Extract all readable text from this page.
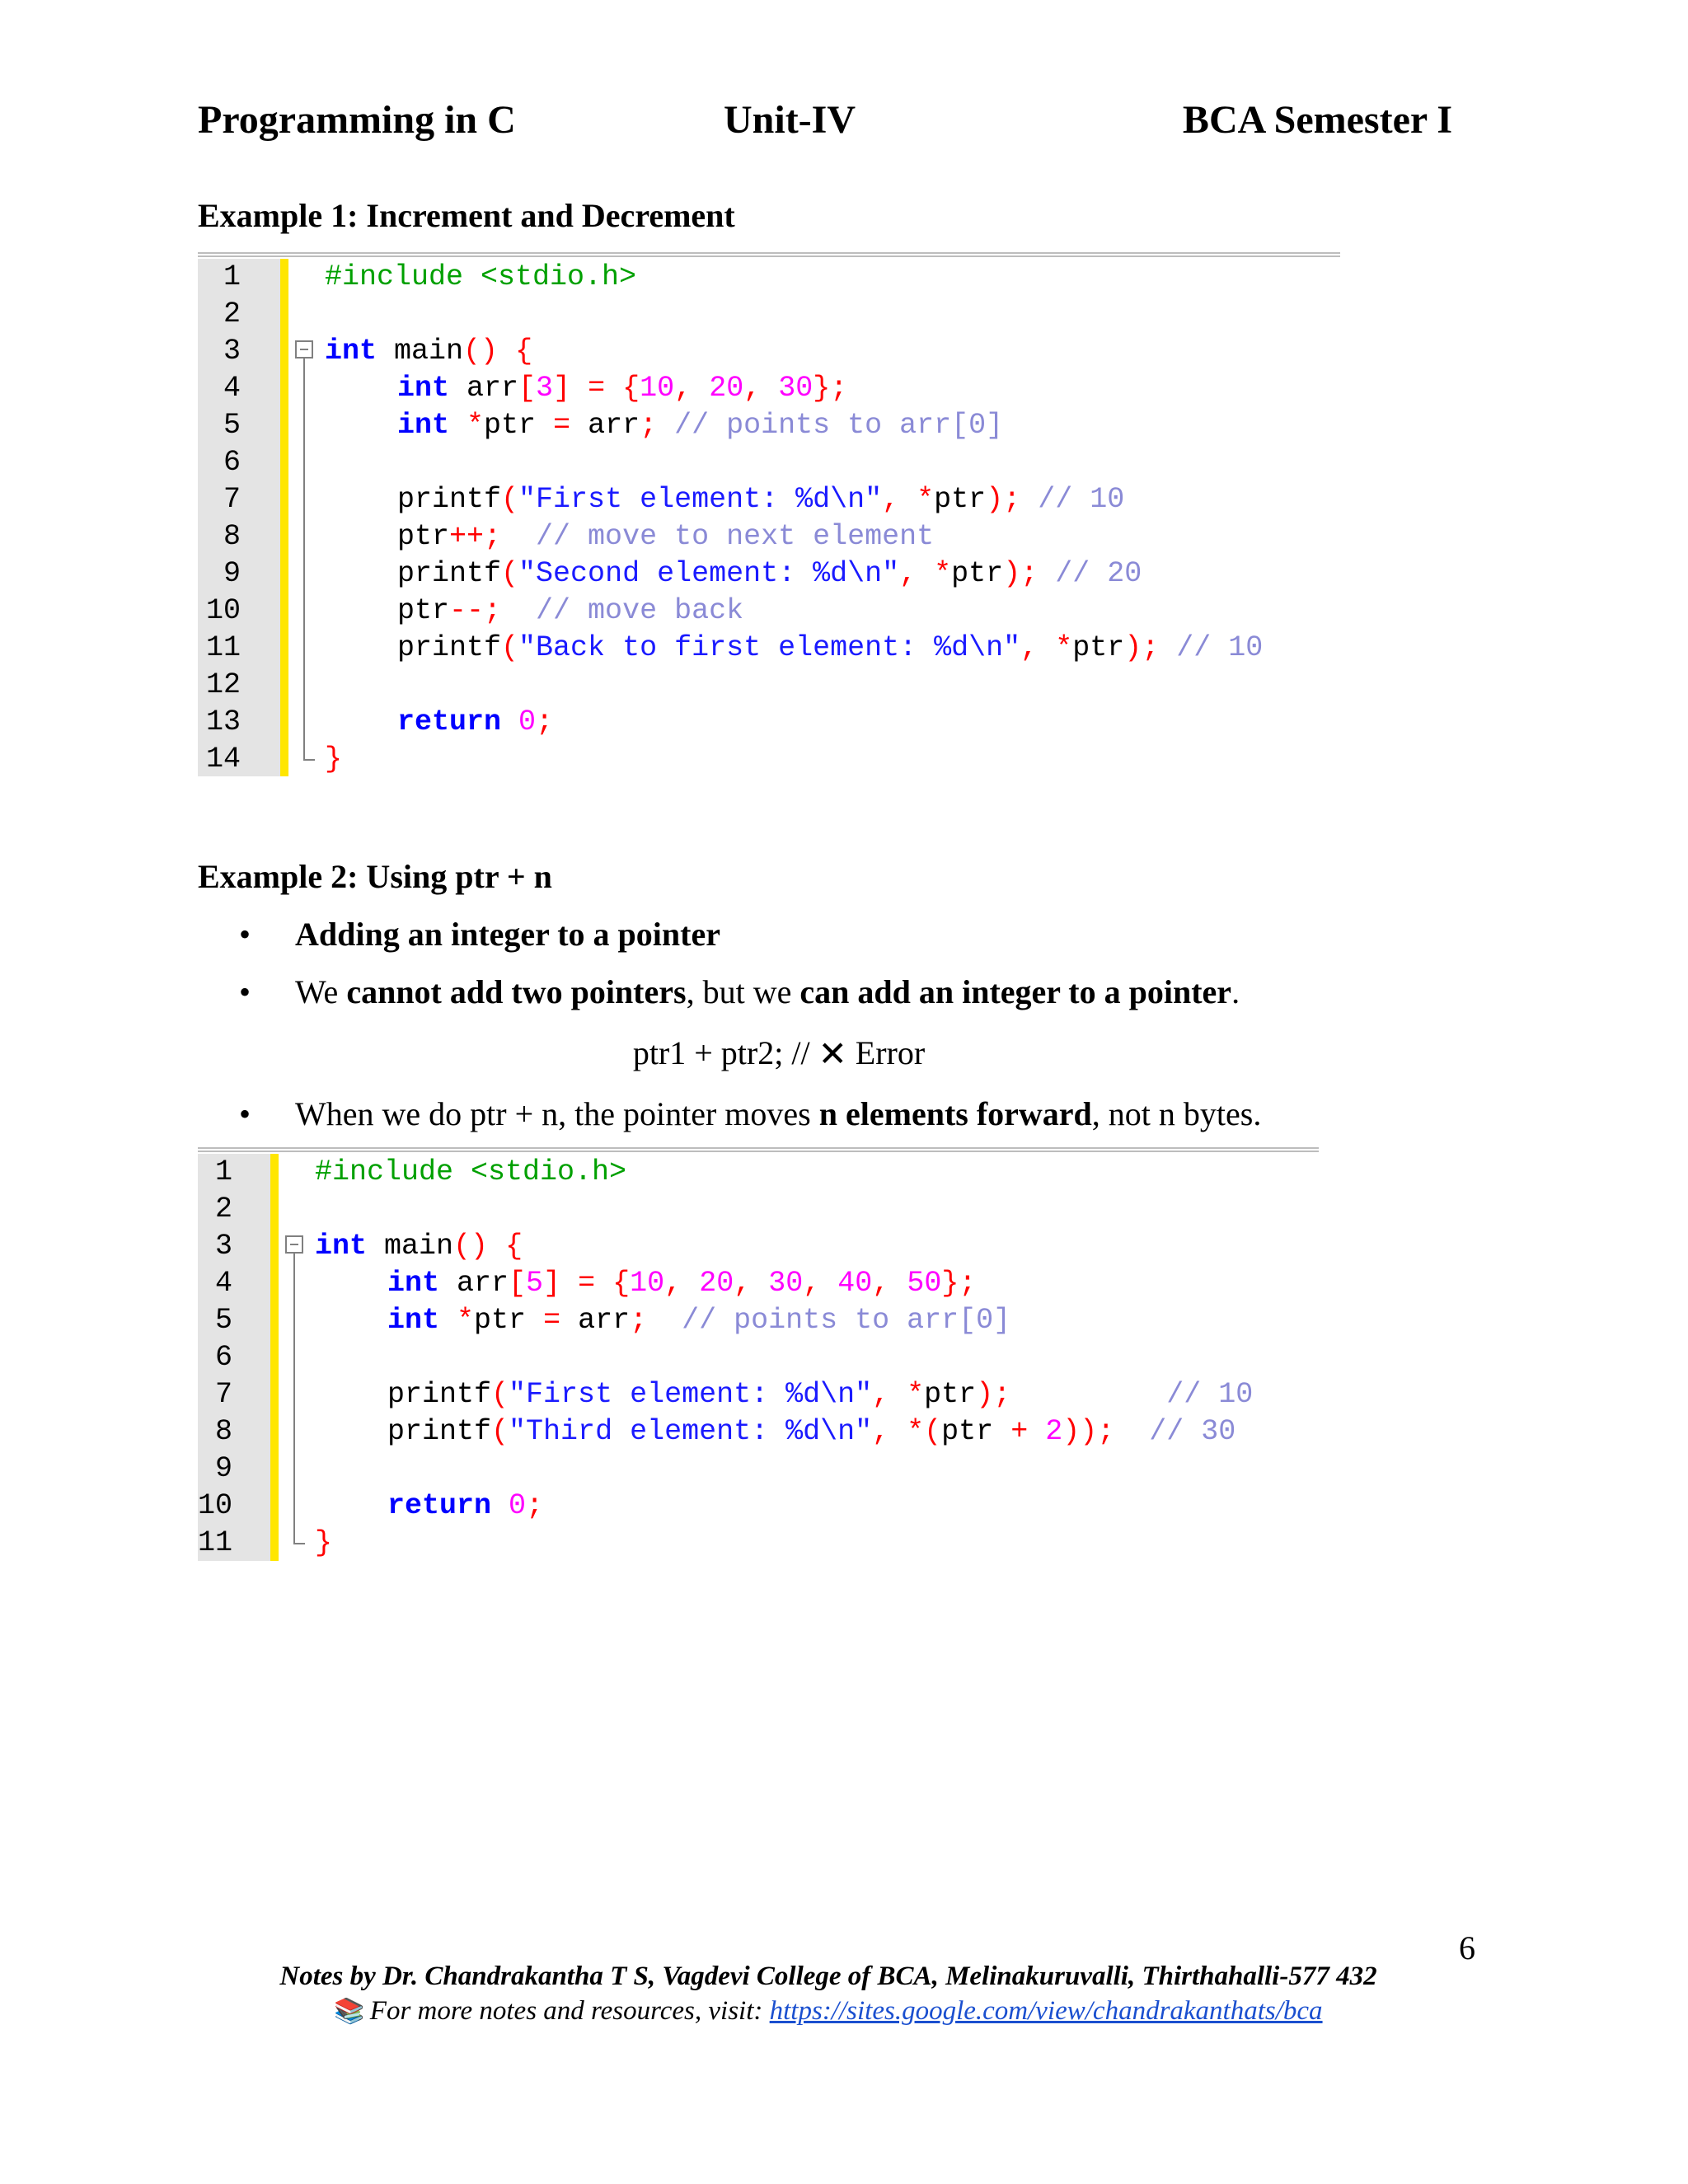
Programming in C	Unit-IV	BCA Semester I
Example 1: Increment and Decrement
1	#include <stdio.h>
2
3	int main() {
4	int arr[3] = {10, 20, 30};
5	int *ptr = arr; // points to arr[0]
6
7	printf("First element: %d\n", *ptr); // 10
8	ptr++; // move to next element
9	printf("Second element: %d\n", *ptr); // 20
10	ptr--; // move back
11	printf("Back to first element: %d\n", *ptr); // 10
12
13	return 0;
14	}
Example 2: Using ptr + n
• Adding an integer to a pointer
• We cannot add two pointers, but we can add an integer to a pointer.
ptr1 + ptr2; // ✕ Error
• When we do ptr + n, the pointer moves n elements forward, not n bytes.
1	#include <stdio.h>
2
3	int main() {
4	int arr[5] = {10, 20, 30, 40, 50};
5	int *ptr = arr; // points to arr[0]
6
7	printf("First element: %d\n", *ptr);	// 10
8	printf("Third element: %d\n", *(ptr + 2)); // 30
9
10	return 0;
11	}
6
Notes by Dr. Chandrakantha T S, Vagdevi College of BCA, Melinakuruvalli, Thirthahalli-577 432
📚 For more notes and resources, visit: https://sites.google.com/view/chandrakanthats/bca
